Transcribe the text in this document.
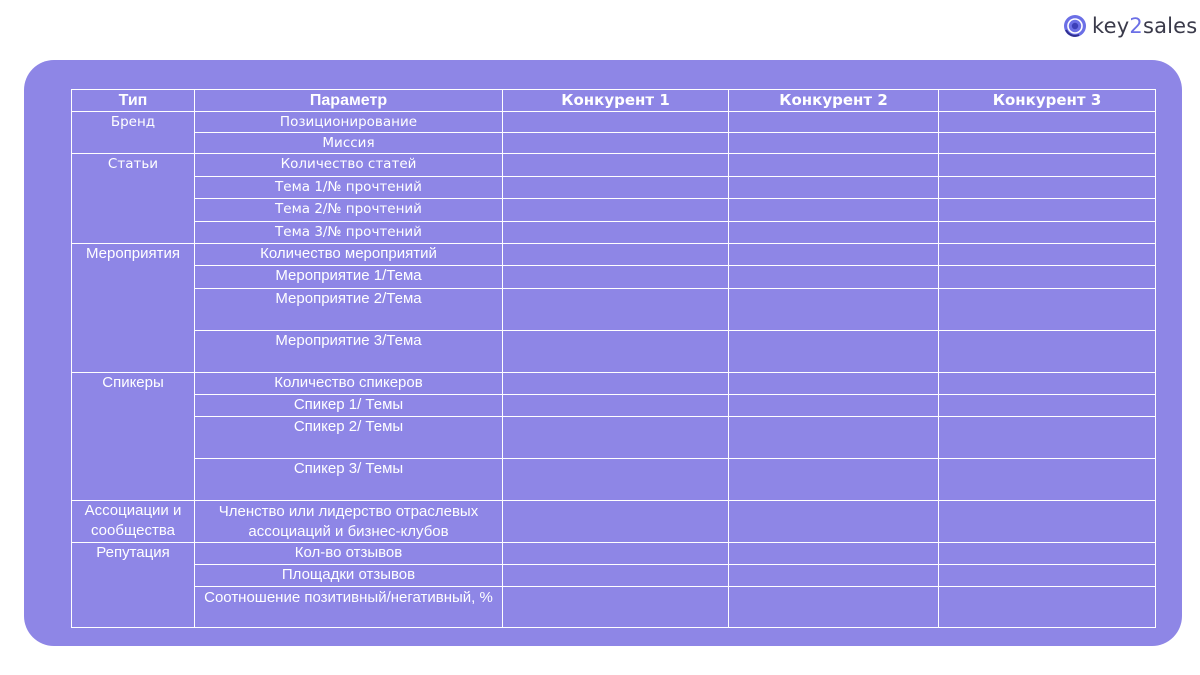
key2sales
Тип	Параметр	Конкурент 1	Конкурент 2	Конкурент 3
Бренд	Позиционирование			
	Миссия			
Статьи	Количество статей			
	Тема 1/№ прочтений			
	Тема 2/№ прочтений			
	Тема 3/№ прочтений			
Мероприятия	Количество мероприятий			
	Мероприятие 1/Тема			
	Мероприятие 2/Тема			
	Мероприятие 3/Тема			
Спикеры	Количество спикеров			
	Спикер 1/ Темы			
	Спикер 2/ Темы			
	Спикер 3/ Темы			
Ассоциации и сообщества	Членство или лидерство отраслевых ассоциаций и бизнес-клубов			
Репутация	Кол-во отзывов			
	Площадки отзывов			
	Соотношение позитивный/негативный, %			
